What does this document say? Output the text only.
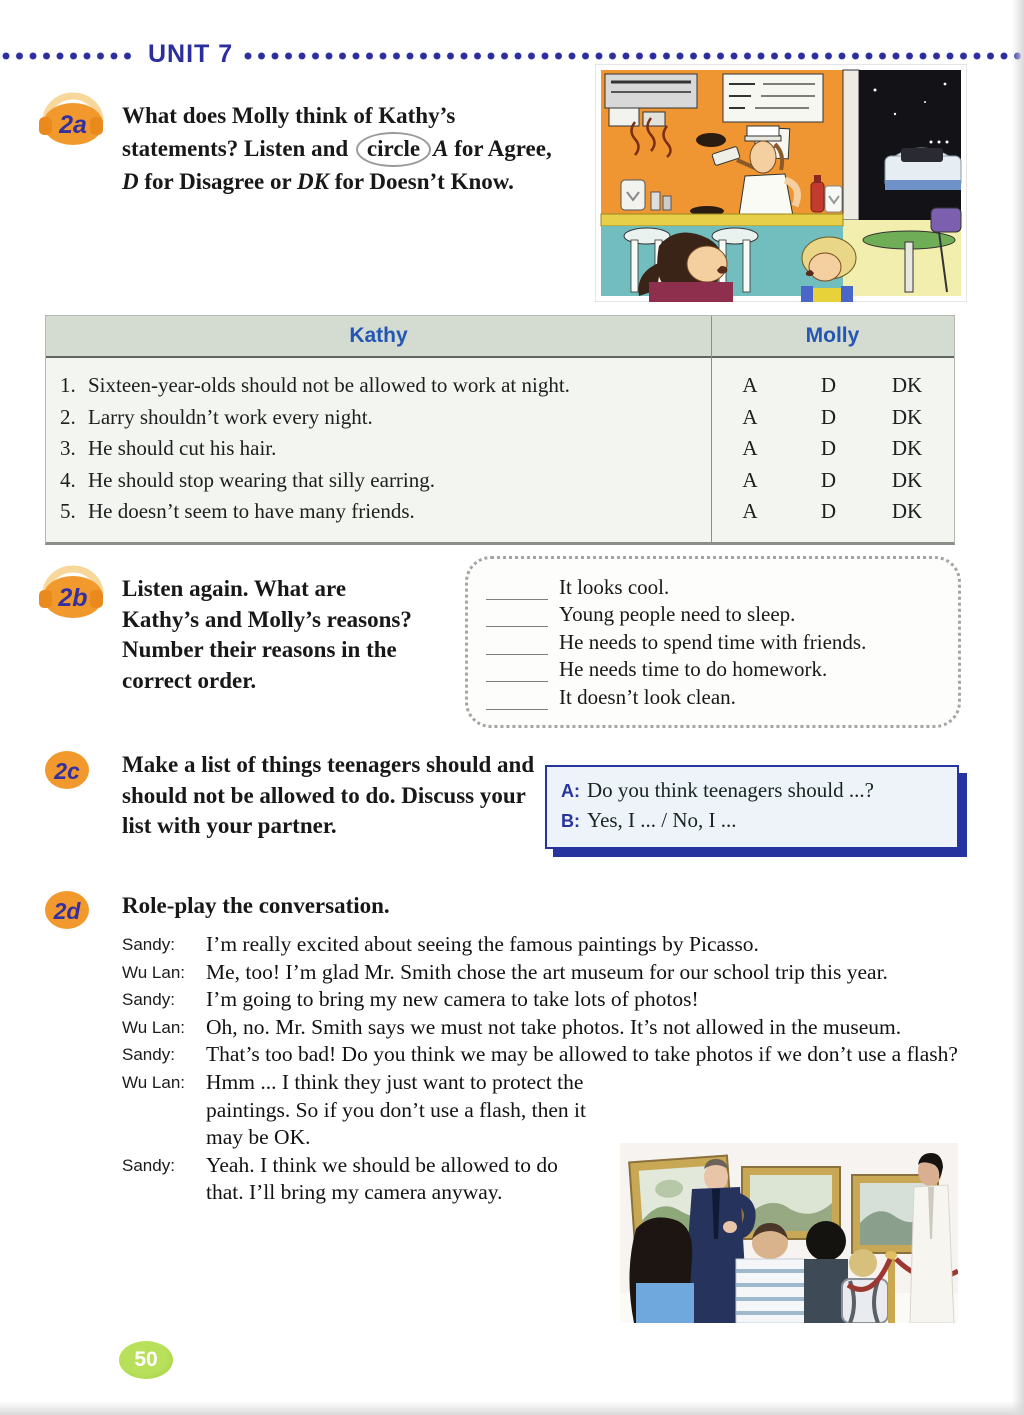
UNIT 7
2a What does Molly think of Kathy’s statements? Listen and circle A for Agree, D for Disagree or DK for Doesn’t Know.
Kathy	Molly
1. Sixteen-year-olds should not be allowed to work at night.	A	D	DK
2. Larry shouldn’t work every night.	A	D	DK
3. He should cut his hair.	A	D	DK
4. He should stop wearing that silly earring.	A	D	DK
5. He doesn’t seem to have many friends.	A	D	DK
2b Listen again. What are Kathy’s and Molly’s reasons? Number their reasons in the correct order.
It looks cool.
Young people need to sleep.
He needs to spend time with friends.
He needs time to do homework.
It doesn’t look clean.
2c Make a list of things teenagers should and should not be allowed to do. Discuss your list with your partner.
A: Do you think teenagers should ...?
B: Yes, I ... / No, I ...
2d Role-play the conversation.
Sandy:	I’m really excited about seeing the famous paintings by Picasso.
Wu Lan: Me, too! I’m glad Mr. Smith chose the art museum for our school trip this year.
Sandy:	I’m going to bring my new camera to take lots of photos!
Wu Lan: Oh, no. Mr. Smith says we must not take photos. It’s not allowed in the museum.
Sandy:	That’s too bad! Do you think we may be allowed to take photos if we don’t use a flash?
Wu Lan: Hmm ... I think they just want to protect the paintings. So if you don’t use a flash, then it may be OK.
Sandy:	Yeah. I think we should be allowed to do that. I’ll bring my camera anyway.
50
